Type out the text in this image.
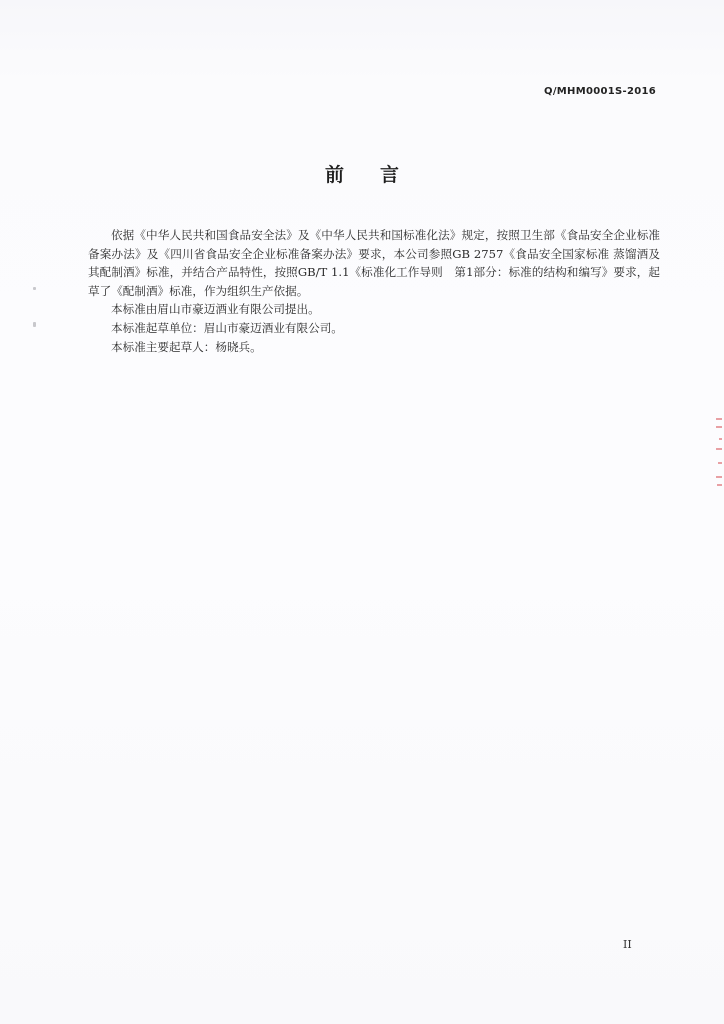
Q/MHM0001S-2016
前言

依据《中华人民共和国食品安全法》及《中华人民共和国标准化法》规定，按照卫生部《食品安全企业标准备案办法》及《四川省食品安全企业标准备案办法》要求，本公司参照GB 2757《食品安全国家标准 蒸馏酒及其配制酒》标准，并结合产品特性，按照GB/T 1.1《标准化工作导则　第1部分：标准的结构和编写》要求，起草了《配制酒》标准，作为组织生产依据。

本标准由眉山市豪迈酒业有限公司提出。

本标准起草单位：眉山市豪迈酒业有限公司。

本标准主要起草人：杨晓兵。

II
